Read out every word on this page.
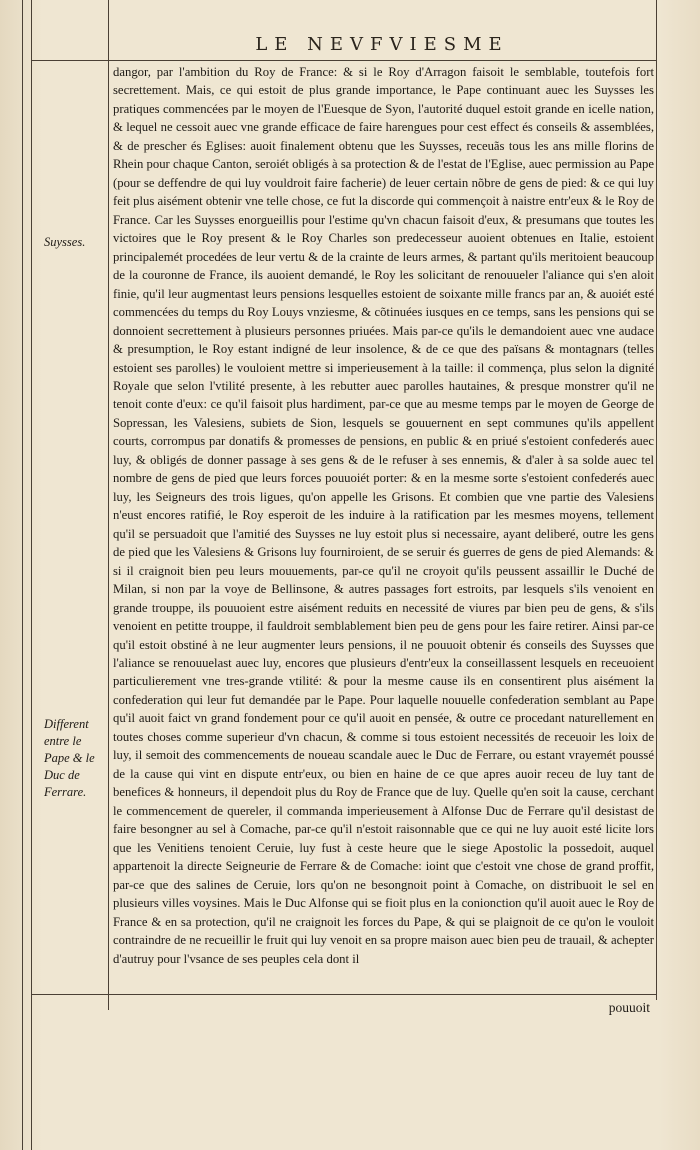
LE NEVFVIESME
Suysses.
Different entre le Pape & le Duc de Ferrare.

dangor, par l'ambition du Roy de France: & si le Roy d'Arragon faisoit le semblable, toutefois fort secrettement. Mais, ce qui estoit de plus grande importance, le Pape continuant auec les Suysses les pratiques commencées par le moyen de l'Euesque de Syon, l'autorité duquel estoit grande en icelle nation, & lequel ne cessoit auec vne grande efficace de faire harengues pour cest effect és conseils & assemblées, & de prescher és Eglises: auoit finalement obtenu que les Suysses, receuãs tous les ans mille florins de Rhein pour chaque Canton, seroiét obligés à sa protection & de l'estat de l'Eglise, auec permission au Pape (pour se deffendre de qui luy vouldroit faire facherie) de leuer certain nõbre de gens de pied: & ce qui luy feit plus aisément obtenir vne telle chose, ce fut la discorde qui commençoit à naistre entr'eux & le Roy de France. Car les Suysses enorgueillis pour l'estime qu'vn chacun faisoit d'eux, & presumans que toutes les victoires que le Roy present & le Roy Charles son predecesseur auoient obtenues en Italie, estoient principalemét procedées de leur vertu & de la crainte de leurs armes, & partant qu'ils meritoient beaucoup de la couronne de France, ils auoient demandé, le Roy les solicitant de renouueler l'aliance qui s'en aloit finie, qu'il leur augmentast leurs pensions lesquelles estoient de soixante mille francs par an, & auoiét esté commencées du temps du Roy Louys vnziesme, & cõtinuées iusques en ce temps, sans les pensions qui se donnoient secrettement à plusieurs personnes priuées. Mais par-ce qu'ils le demandoient auec vne audace & presumption, le Roy estant indigné de leur insolence, & de ce que des païsans & montagnars (telles estoient ses parolles) le vouloient mettre si imperieusement à la taille: il commença, plus selon la dignité Royale que selon l'vtilité presente, à les rebutter auec parolles hautaines, & presque monstrer qu'il ne tenoit conte d'eux: ce qu'il faisoit plus hardiment, par-ce que au mesme temps par le moyen de George de Sopressan, les Valesiens, subiets de Sion, lesquels se gouuernent en sept communes qu'ils appellent courts, corrompus par donatifs & promesses de pensions, en public & en priué s'estoient confederés auec luy, & obligés de donner passage à ses gens & de le refuser à ses ennemis, & d'aler à sa solde auec tel nombre de gens de pied que leurs forces pouuoiét porter: & en la mesme sorte s'estoient confederés auec luy, les Seigneurs des trois ligues, qu'on appelle les Grisons. Et combien que vne partie des Valesiens n'eust encores ratifié, le Roy esperoit de les induire à la ratification par les mesmes moyens, tellement qu'il se persuadoit que l'amitié des Suysses ne luy estoit plus si necessaire, ayant deliberé, outre les gens de pied que les Valesiens & Grisons luy fourniroient, de se seruir és guerres de gens de pied Alemands: & si il craignoit bien peu leurs mouuements, par-ce qu'il ne croyoit qu'ils peussent assaillir le Duché de Milan, si non par la voye de Bellinsone, & autres passages fort estroits, par lesquels s'ils venoient en grande trouppe, ils pouuoient estre aisément reduits en necessité de viures par bien peu de gens, & s'ils venoient en petitte trouppe, il fauldroit semblablement bien peu de gens pour les faire retirer. Ainsi par-ce qu'il estoit obstiné à ne leur augmenter leurs pensions, il ne pouuoit obtenir és conseils des Suysses que l'aliance se renouuelast auec luy, encores que plusieurs d'entr'eux la conseillassent lesquels en receuoient particulierement vne tres-grande vtilité: & pour la mesme cause ils en consentirent plus aisément la confederation qui leur fut demandée par le Pape. Pour laquelle nouuelle confederation semblant au Pape qu'il auoit faict vn grand fondement pour ce qu'il auoit en pensée, & outre ce procedant naturellement en toutes choses comme superieur d'vn chacun, & comme si tous estoient necessités de receuoir les loix de luy, il semoit des commencements de noueau scandale auec le Duc de Ferrare, ou estant vrayemét poussé de la cause qui vint en dispute entr'eux, ou bien en haine de ce que apres auoir receu de luy tant de benefices & honneurs, il dependoit plus du Roy de France que de luy. Quelle qu'en soit la cause, cerchant le commencement de quereler, il commanda imperieusement à Alfonse Duc de Ferrare qu'il desistast de faire besongner au sel à Comache, par-ce qu'il n'estoit raisonnable que ce qui ne luy auoit esté licite lors que les Venitiens tenoient Ceruie, luy fust à ceste heure que le siege Apostolic la possedoit, auquel appartenoit la directe Seigneurie de Ferrare & de Comache: ioint que c'estoit vne chose de grand proffit, par-ce que des salines de Ceruie, lors qu'on ne besongnoit point à Comache, on distribuoit le sel en plusieurs villes voysines. Mais le Duc Alfonse qui se fioit plus en la conionction qu'il auoit auec le Roy de France & en sa protection, qu'il ne craignoit les forces du Pape, & qui se plaignoit de ce qu'on le vouloit contraindre de ne recueillir le fruit qui luy venoit en sa propre maison auec bien peu de trauail, & achepter d'autruy pour l'vsance de ses peuples cela dont il

pouuoit
